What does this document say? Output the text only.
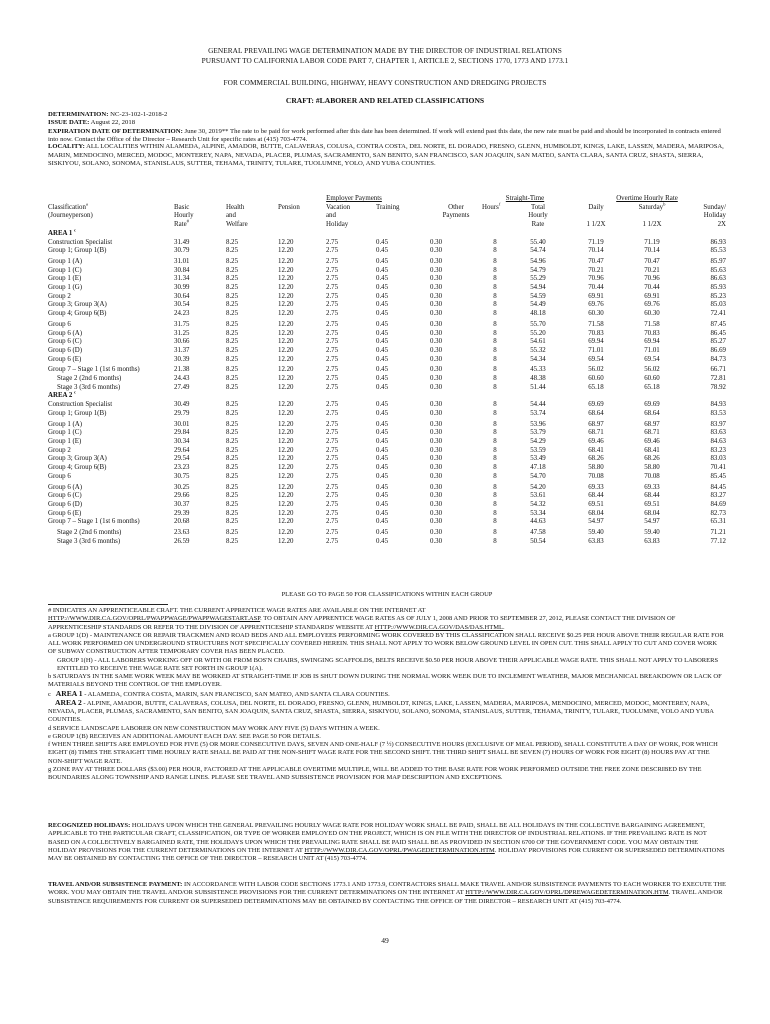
GENERAL PREVAILING WAGE DETERMINATION MADE BY THE DIRECTOR OF INDUSTRIAL RELATIONS
PURSUANT TO CALIFORNIA LABOR CODE PART 7, CHAPTER 1, ARTICLE 2, SECTIONS 1770, 1773 AND 1773.1
FOR COMMERCIAL BUILDING, HIGHWAY, HEAVY CONSTRUCTION AND DREDGING PROJECTS
CRAFT: #LABORER AND RELATED CLASSIFICATIONS
DETERMINATION: NC-23-102-1-2018-2
ISSUE DATE: August 22, 2018
EXPIRATION DATE OF DETERMINATION: June 30, 2019** The rate to be paid for work performed after this date has been determined. If work will extend past this date, the new rate must be paid and should be incorporated in contracts entered into now. Contact the Office of the Director – Research Unit for specific rates at (415) 703-4774.
LOCALITY: ALL LOCALITIES WITHIN ALAMEDA, ALPINE, AMADOR, BUTTE, CALAVERAS, COLUSA, CONTRA COSTA, DEL NORTE, EL DORADO, FRESNO, GLENN, HUMBOLDT, KINGS, LAKE, LASSEN, MADERA, MARIPOSA, MARIN, MENDOCINO, MERCED, MODOC, MONTEREY, NAPA, NEVADA, PLACER, PLUMAS, SACRAMENTO, SAN BENITO, SAN FRANCISCO, SAN JOAQUIN, SAN MATEO, SANTA CLARA, SANTA CRUZ, SHASTA, SIERRA, SISKIYOU, SOLANO, SONOMA, STANISLAUS, SUTTER, TEHAMA, TRINITY, TULARE, TUOLUMNE, YOLO, AND YUBA COUNTIES.
		Employer Payments					Straight-Time		Overtime Hourly Rate		
Classification$^a$	Basic	Health	Pension	Vacation	Training	Other	Hours$^f$	Total	Daily	Saturday$^b$	Sunday/
(Journeyperson)	Hourly	and		and		Payments		Hourly			Holiday
	Rate#	Welfare		Holiday				Rate	1 1/2X	1 1/2X	2X
AREA 1 $^c$
Construction Specialist	31.49	8.25	12.20	2.75	0.45	0.30	8	55.40	71.19	71.19	86.93
Group 1; Group 1(B)	30.79	8.25	12.20	2.75	0.45	0.30	8	54.74	70.14	70.14	85.53
Group 1 (A)	31.01	8.25	12.20	2.75	0.45	0.30	8	54.96	70.47	70.47	85.97
Group 1 (C)	30.84	8.25	12.20	2.75	0.45	0.30	8	54.79	70.21	70.21	85.63
Group 1 (E)	31.34	8.25	12.20	2.75	0.45	0.30	8	55.29	70.96	70.96	86.63
Group 1 (G)	30.99	8.25	12.20	2.75	0.45	0.30	8	54.94	70.44	70.44	85.93
Group 2	30.64	8.25	12.20	2.75	0.45	0.30	8	54.59	69.91	69.91	85.23
Group 3; Group 3(A)	30.54	8.25	12.20	2.75	0.45	0.30	8	54.49	69.76	69.76	85.03
Group 4; Group 6(B)	24.23	8.25	12.20	2.75	0.45	0.30	8	48.18	60.30	60.30	72.41
Group 6	31.75	8.25	12.20	2.75	0.45	0.30	8	55.70	71.58	71.58	87.45
Group 6 (A)	31.25	8.25	12.20	2.75	0.45	0.30	8	55.20	70.83	70.83	86.45
Group 6 (C)	30.66	8.25	12.20	2.75	0.45	0.30	8	54.61	69.94	69.94	85.27
Group 6 (D)	31.37	8.25	12.20	2.75	0.45	0.30	8	55.32	71.01	71.01	86.69
Group 6 (E)	30.39	8.25	12.20	2.75	0.45	0.30	8	54.34	69.54	69.54	84.73
Group 7 – Stage 1 (1st 6 months)	21.38	8.25	12.20	2.75	0.45	0.30	8	45.33	56.02	56.02	66.71
Stage 2 (2nd 6 months)	24.43	8.25	12.20	2.75	0.45	0.30	8	48.38	60.60	60.60	72.81
Stage 3 (3rd 6 months)	27.49	8.25	12.20	2.75	0.45	0.30	8	51.44	65.18	65.18	78.92
AREA 2 $^c$
Construction Specialist	30.49	8.25	12.20	2.75	0.45	0.30	8	54.44	69.69	69.69	84.93
Group 1; Group 1(B)	29.79	8.25	12.20	2.75	0.45	0.30	8	53.74	68.64	68.64	83.53
Group 1 (A)	30.01	8.25	12.20	2.75	0.45	0.30	8	53.96	68.97	68.97	83.97
Group 1 (C)	29.84	8.25	12.20	2.75	0.45	0.30	8	53.79	68.71	68.71	83.63
Group 1 (E)	30.34	8.25	12.20	2.75	0.45	0.30	8	54.29	69.46	69.46	84.63
Group 2	29.64	8.25	12.20	2.75	0.45	0.30	8	53.59	68.41	68.41	83.23
Group 3; Group 3(A)	29.54	8.25	12.20	2.75	0.45	0.30	8	53.49	68.26	68.26	83.03
Group 4; Group 6(B)	23.23	8.25	12.20	2.75	0.45	0.30	8	47.18	58.80	58.80	70.41
Group 6	30.75	8.25	12.20	2.75	0.45	0.30	8	54.70	70.08	70.08	85.45
Group 6 (A)	30.25	8.25	12.20	2.75	0.45	0.30	8	54.20	69.33	69.33	84.45
Group 6 (C)	29.66	8.25	12.20	2.75	0.45	0.30	8	53.61	68.44	68.44	83.27
Group 6 (D)	30.37	8.25	12.20	2.75	0.45	0.30	8	54.32	69.51	69.51	84.69
Group 6 (E)	29.39	8.25	12.20	2.75	0.45	0.30	8	53.34	68.04	68.04	82.73
Group 7 – Stage 1 (1st 6 months)	20.68	8.25	12.20	2.75	0.45	0.30	8	44.63	54.97	54.97	65.31
Stage 2 (2nd 6 months)	23.63	8.25	12.20	2.75	0.45	0.30	8	47.58	59.40	59.40	71.21
Stage 3 (3rd 6 months)	26.59	8.25	12.20	2.75	0.45	0.30	8	50.54	63.83	63.83	77.12
PLEASE GO TO PAGE 50 FOR CLASSIFICATIONS WITHIN EACH GROUP
# INDICATES AN APPRENTICEABLE CRAFT. THE CURRENT APPRENTICE WAGE RATES ARE AVAILABLE ON THE INTERNET AT
HTTP://WWW.DIR.CA.GOV/OPRL/PWAPPWAGE/PWAPPWAGESTART.ASP. TO OBTAIN ANY APPRENTICE WAGE RATES AS OF JULY 1, 2008 AND PRIOR TO SEPTEMBER 27, 2012, PLEASE CONTACT THE DIVISION OF APPRENTICESHIP STANDARDS OR REFER TO THE DIVISION OF APPRENTICESHIP STANDARDS' WEBSITE AT HTTP://WWW.DIR.CA.GOV/DAS/DAS.HTML.
a GROUP 1(D) - MAINTENANCE OR REPAIR TRACKMEN AND ROAD BEDS AND ALL EMPLOYEES PERFORMING WORK COVERED BY THIS CLASSIFICATION SHALL RECEIVE $0.25 PER HOUR ABOVE THEIR REGULAR RATE FOR ALL WORK PERFORMED ON UNDERGROUND STRUCTURES NOT SPECIFICALLY COVERED HEREIN. THIS SHALL NOT APPLY TO WORK BELOW GROUND LEVEL IN OPEN CUT. THIS SHALL APPLY TO CUT AND COVER WORK OF SUBWAY CONSTRUCTION AFTER TEMPORARY COVER HAS BEEN PLACED.
GROUP 1(H) - ALL LABORERS WORKING OFF OR WITH OR FROM BOS'N CHAIRS, SWINGING SCAFFOLDS, BELTS RECEIVE $0.50 PER HOUR ABOVE THEIR APPLICABLE WAGE RATE. THIS SHALL NOT APPLY TO LABORERS ENTITLED TO RECEIVE THE WAGE RATE SET FORTH IN GROUP 1(A).
b SATURDAYS IN THE SAME WORK WEEK MAY BE WORKED AT STRAIGHT-TIME IF JOB IS SHUT DOWN DURING THE NORMAL WORK WEEK DUE TO INCLEMENT WEATHER, MAJOR MECHANICAL BREAKDOWN OR LACK OF MATERIALS BEYOND THE CONTROL OF THE EMPLOYER.
c AREA 1 - ALAMEDA, CONTRA COSTA, MARIN, SAN FRANCISCO, SAN MATEO, AND SANTA CLARA COUNTIES.
AREA 2 - ALPINE, AMADOR, BUTTE, CALAVERAS, COLUSA, DEL NORTE, EL DORADO, FRESNO, GLENN, HUMBOLDT, KINGS, LAKE, LASSEN, MADERA, MARIPOSA, MENDOCINO, MERCED, MODOC, MONTEREY, NAPA, NEVADA, PLACER, PLUMAS, SACRAMENTO, SAN BENITO, SAN JOAQUIN, SANTA CRUZ, SHASTA, SIERRA, SISKIYOU, SOLANO, SONOMA, STANISLAUS, SUTTER, TEHAMA, TRINITY, TULARE, TUOLUMNE, YOLO AND YUBA COUNTIES.
d SERVICE LANDSCAPE LABORER ON NEW CONSTRUCTION MAY WORK ANY FIVE (5) DAYS WITHIN A WEEK.
e GROUP 1(B) RECEIVES AN ADDITIONAL AMOUNT EACH DAY. SEE PAGE 50 FOR DETAILS.
f WHEN THREE SHIFTS ARE EMPLOYED FOR FIVE (5) OR MORE CONSECUTIVE DAYS, SEVEN AND ONE-HALF (7 ½) CONSECUTIVE HOURS (EXCLUSIVE OF MEAL PERIOD), SHALL CONSTITUTE A DAY OF WORK, FOR WHICH EIGHT (8) TIMES THE STRAIGHT TIME HOURLY RATE SHALL BE PAID AT THE NON-SHIFT WAGE RATE FOR THE SECOND SHIFT. THE THIRD SHIFT SHALL BE SEVEN (7) HOURS OF WORK FOR EIGHT (8) HOURS PAY AT THE NON-SHIFT WAGE RATE.
g ZONE PAY AT THREE DOLLARS ($3.00) PER HOUR, FACTORED AT THE APPLICABLE OVERTIME MULTIPLE, WILL BE ADDED TO THE BASE RATE FOR WORK PERFORMED OUTSIDE THE FREE ZONE DESCRIBED BY THE BOUNDARIES ALONG TOWNSHIP AND RANGE LINES. PLEASE SEE TRAVEL AND SUBSISTENCE PROVISION FOR MAP DESCRIPTION AND EXCEPTIONS.
RECOGNIZED HOLIDAYS: HOLIDAYS UPON WHICH THE GENERAL PREVAILING HOURLY WAGE RATE FOR HOLIDAY WORK SHALL BE PAID, SHALL BE ALL HOLIDAYS IN THE COLLECTIVE BARGAINING AGREEMENT, APPLICABLE TO THE PARTICULAR CRAFT, CLASSIFICATION, OR TYPE OF WORKER EMPLOYED ON THE PROJECT, WHICH IS ON FILE WITH THE DIRECTOR OF INDUSTRIAL RELATIONS. IF THE PREVAILING RATE IS NOT BASED ON A COLLECTIVELY BARGAINED RATE, THE HOLIDAYS UPON WHICH THE PREVAILING RATE SHALL BE PAID SHALL BE AS PROVIDED IN SECTION 6700 OF THE GOVERNMENT CODE. YOU MAY OBTAIN THE HOLIDAY PROVISIONS FOR THE CURRENT DETERMINATIONS ON THE INTERNET AT HTTP://WWW.DIR.CA.GOV/OPRL/PWAGEDETERMINATION.HTM. HOLIDAY PROVISIONS FOR CURRENT OR SUPERSEDED DETERMINATIONS MAY BE OBTAINED BY CONTACTING THE OFFICE OF THE DIRECTOR – RESEARCH UNIT AT (415) 703-4774.
TRAVEL AND/OR SUBSISTENCE PAYMENT: IN ACCORDANCE WITH LABOR CODE SECTIONS 1773.1 AND 1773.9, CONTRACTORS SHALL MAKE TRAVEL AND/OR SUBSISTENCE PAYMENTS TO EACH WORKER TO EXECUTE THE WORK. YOU MAY OBTAIN THE TRAVEL AND/OR SUBSISTENCE PROVISIONS FOR THE CURRENT DETERMINATIONS ON THE INTERNET AT HTTP://WWW.DIR.CA.GOV/OPRL/DPREWAGEDETERMINATION.HTM. TRAVEL AND/OR SUBSISTENCE REQUIREMENTS FOR CURRENT OR SUPERSEDED DETERMINATIONS MAY BE OBTAINED BY CONTACTING THE OFFICE OF THE DIRECTOR – RESEARCH UNIT AT (415) 703-4774.
49
